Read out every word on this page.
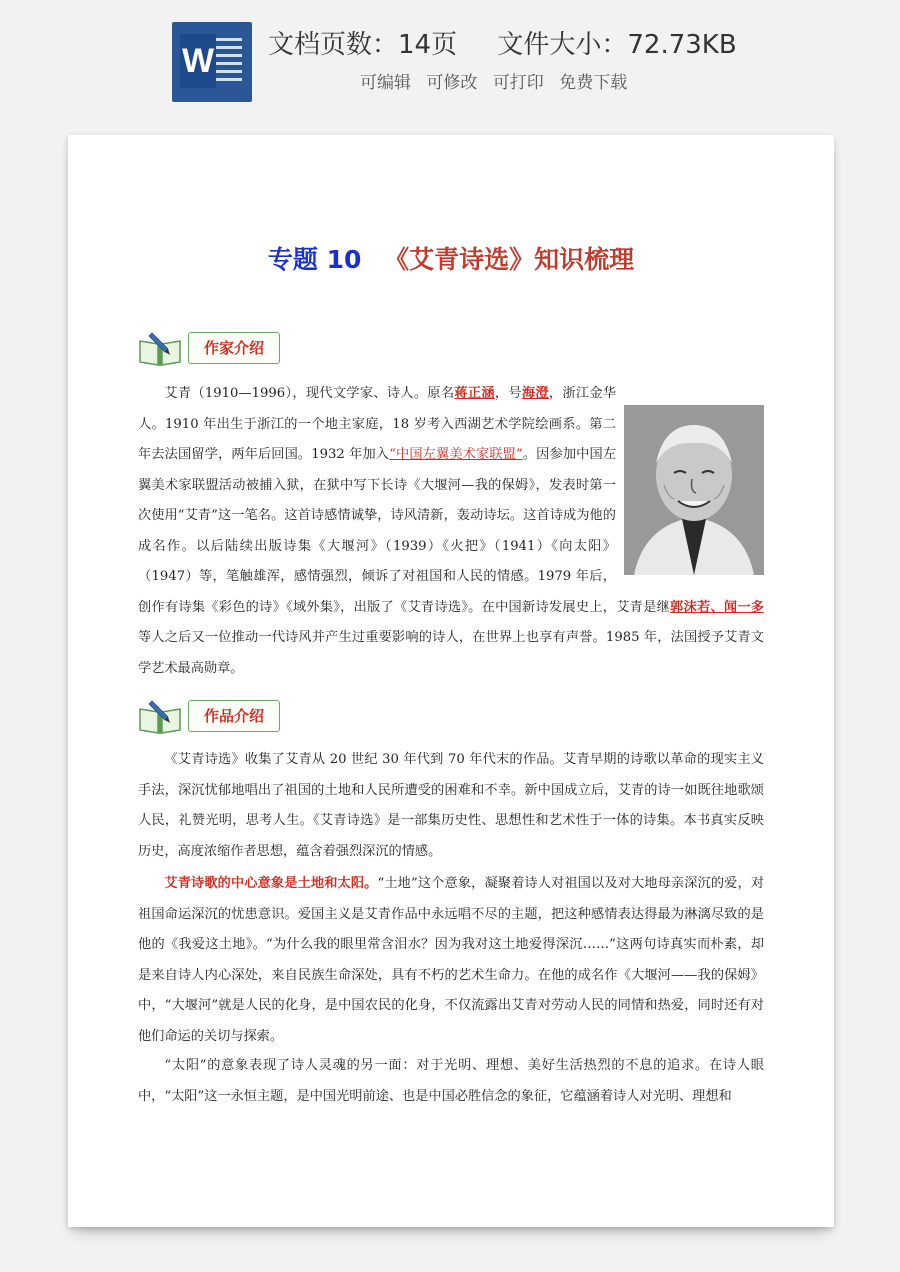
W 文档页数：14页 文件大小：72.73KB
可编辑 可修改 可打印 免费下载
专题 10 《艾青诗选》知识梳理
作家介绍

艾青（1910—1996），现代文学家、诗人。原名蒋正涵，号海澄，浙江金华人。1910 年出生于浙江的一个地主家庭，18 岁考入西湖艺术学院绘画系。第二年去法国留学，两年后回国。1932 年加入“中国左翼美术家联盟”。因参加中国左翼美术家联盟活动被捕入狱，在狱中写下长诗《大堰河—我的保姆》，发表时第一次使用“艾青”这一笔名。这首诗感情诚挚，诗风清新，轰动诗坛。这首诗成为他的成名作。以后陆续出版诗集《大堰河》（1939）《火把》（1941）《向太阳》（1947）等，笔触雄浑，感情强烈，倾诉了对祖国和人民的情感。1979 年后，创作有诗集《彩色的诗》《域外集》，出版了《艾青诗选》。在中国新诗发展史上，艾青是继郭沫若、闻一多等人之后又一位推动一代诗风并产生过重要影响的诗人，在世界上也享有声誉。1985 年，法国授予艾青文学艺术最高勋章。

作品介绍

《艾青诗选》收集了艾青从 20 世纪 30 年代到 70 年代末的作品。艾青早期的诗歌以革命的现实主义手法，深沉忧郁地唱出了祖国的土地和人民所遭受的困难和不幸。新中国成立后，艾青的诗一如既往地歌颂人民，礼赞光明，思考人生。《艾青诗选》是一部集历史性、思想性和艺术性于一体的诗集。本书真实反映历史，高度浓缩作者思想，蕴含着强烈深沉的情感。

艾青诗歌的中心意象是土地和太阳。“土地”这个意象，凝聚着诗人对祖国以及对大地母亲深沉的爱，对祖国命运深沉的忧患意识。爱国主义是艾青作品中永远唱不尽的主题，把这种感情表达得最为淋漓尽致的是他的《我爱这土地》。“为什么我的眼里常含泪水？因为我对这土地爱得深沉……”这两句诗真实而朴素，却是来自诗人内心深处，来自民族生命深处，具有不朽的艺术生命力。在他的成名作《大堰河——我的保姆》中，“大堰河”就是人民的化身，是中国农民的化身，不仅流露出艾青对劳动人民的同情和热爱，同时还有对他们命运的关切与探索。

“太阳”的意象表现了诗人灵魂的另一面：对于光明、理想、美好生活热烈的不息的追求。在诗人眼中，“太阳”这一永恒主题，是中国光明前途、也是中国必胜信念的象征，它蕴涵着诗人对光明、理想和
